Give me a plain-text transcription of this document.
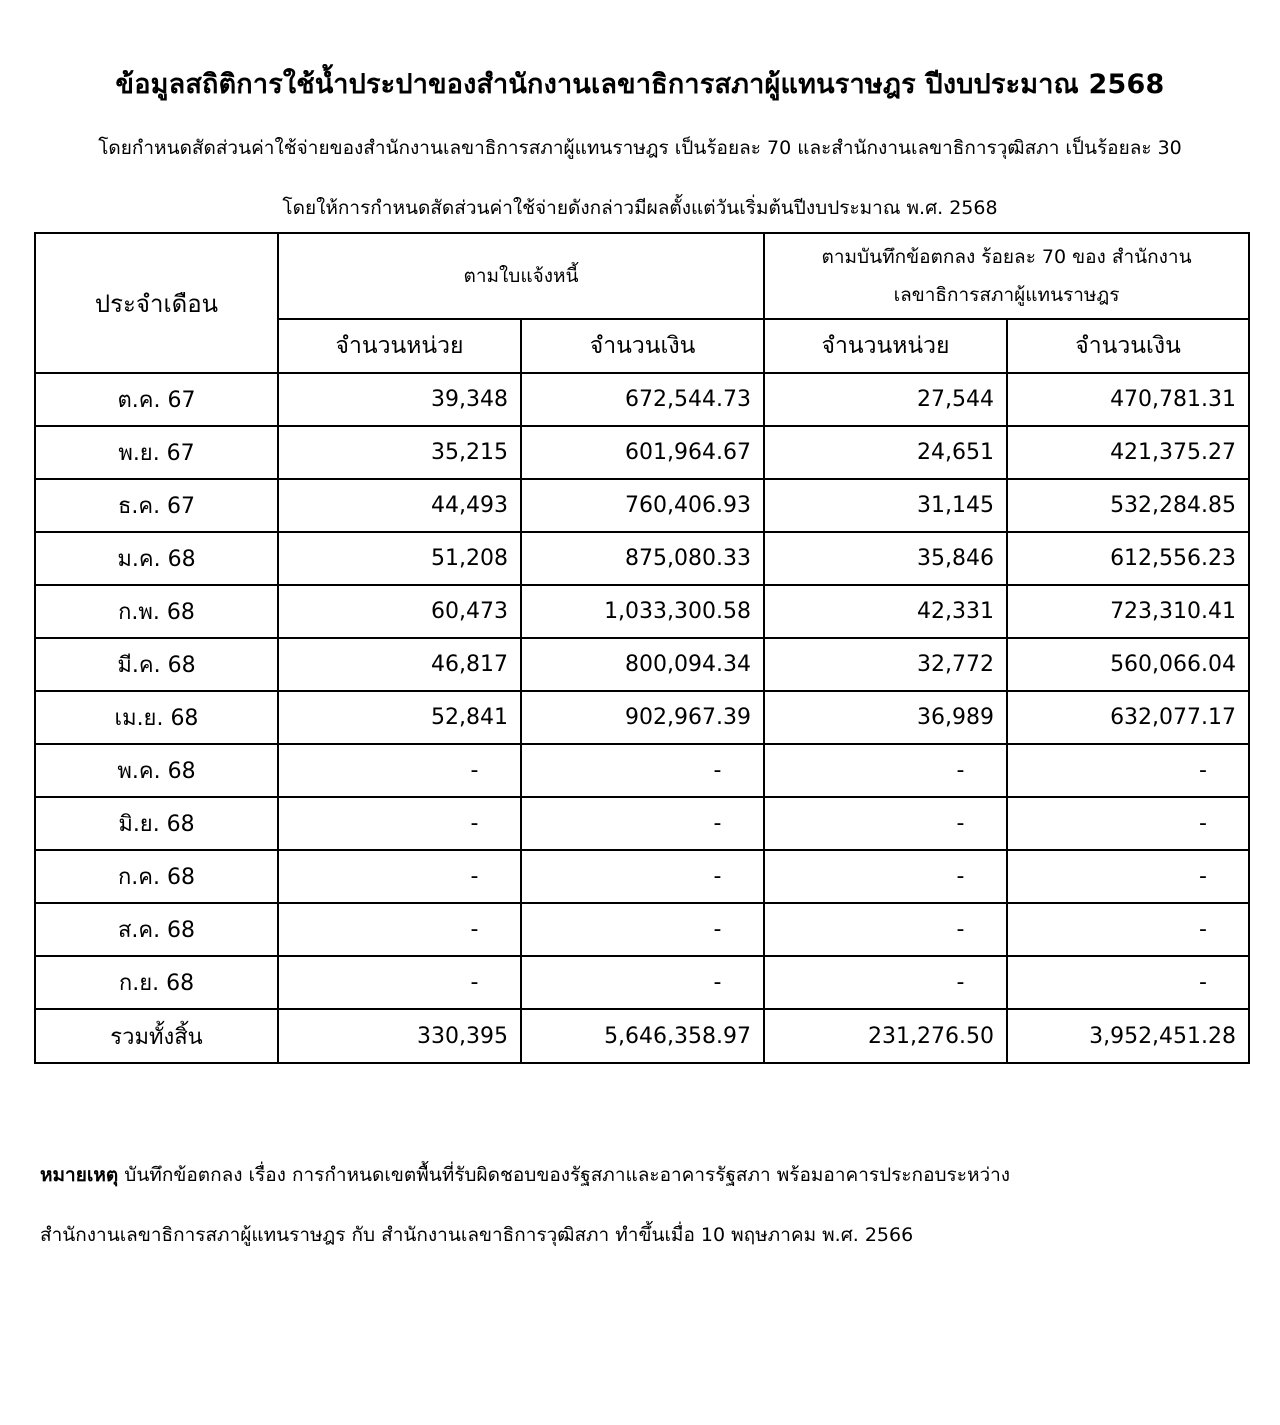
ข้อมูลสถิติการใช้น้ำประปาของสำนักงานเลขาธิการสภาผู้แทนราษฎร ปีงบประมาณ 2568
โดยกำหนดสัดส่วนค่าใช้จ่ายของสำนักงานเลขาธิการสภาผู้แทนราษฎร เป็นร้อยละ 70 และสำนักงานเลขาธิการวุฒิสภา เป็นร้อยละ 30
โดยให้การกำหนดสัดส่วนค่าใช้จ่ายดังกล่าวมีผลตั้งแต่วันเริ่มต้นปีงบประมาณ พ.ศ. 2568
ประจำเดือน	ตามใบแจ้งหนี้		ตามบันทึกข้อตกลง ร้อยละ 70 ของ สำนักงาน
เลขาธิการสภาผู้แทนราษฎร	

	จำนวนหน่วย	จำนวนเงิน	จำนวนหน่วย	จำนวนเงิน
ต.ค. 67	39,348	672,544.73	27,544	470,781.31
พ.ย. 67	35,215	601,964.67	24,651	421,375.27
ธ.ค. 67	44,493	760,406.93	31,145	532,284.85
ม.ค. 68	51,208	875,080.33	35,846	612,556.23
ก.พ. 68	60,473	1,033,300.58	42,331	723,310.41
มี.ค. 68	46,817	800,094.34	32,772	560,066.04
เม.ย. 68	52,841	902,967.39	36,989	632,077.17
พ.ค. 68	-	-	-	-
มิ.ย. 68	-	-	-	-
ก.ค. 68	-	-	-	-
ส.ค. 68	-	-	-	-
ก.ย. 68	-	-	-	-
รวมทั้งสิ้น	330,395	5,646,358.97	231,276.50	3,952,451.28
หมายเหตุ บันทึกข้อตกลง เรื่อง การกำหนดเขตพื้นที่รับผิดชอบของรัฐสภาและอาคารรัฐสภา พร้อมอาคารประกอบระหว่าง
สำนักงานเลขาธิการสภาผู้แทนราษฎร กับ สำนักงานเลขาธิการวุฒิสภา ทำขึ้นเมื่อ 10 พฤษภาคม พ.ศ. 2566
